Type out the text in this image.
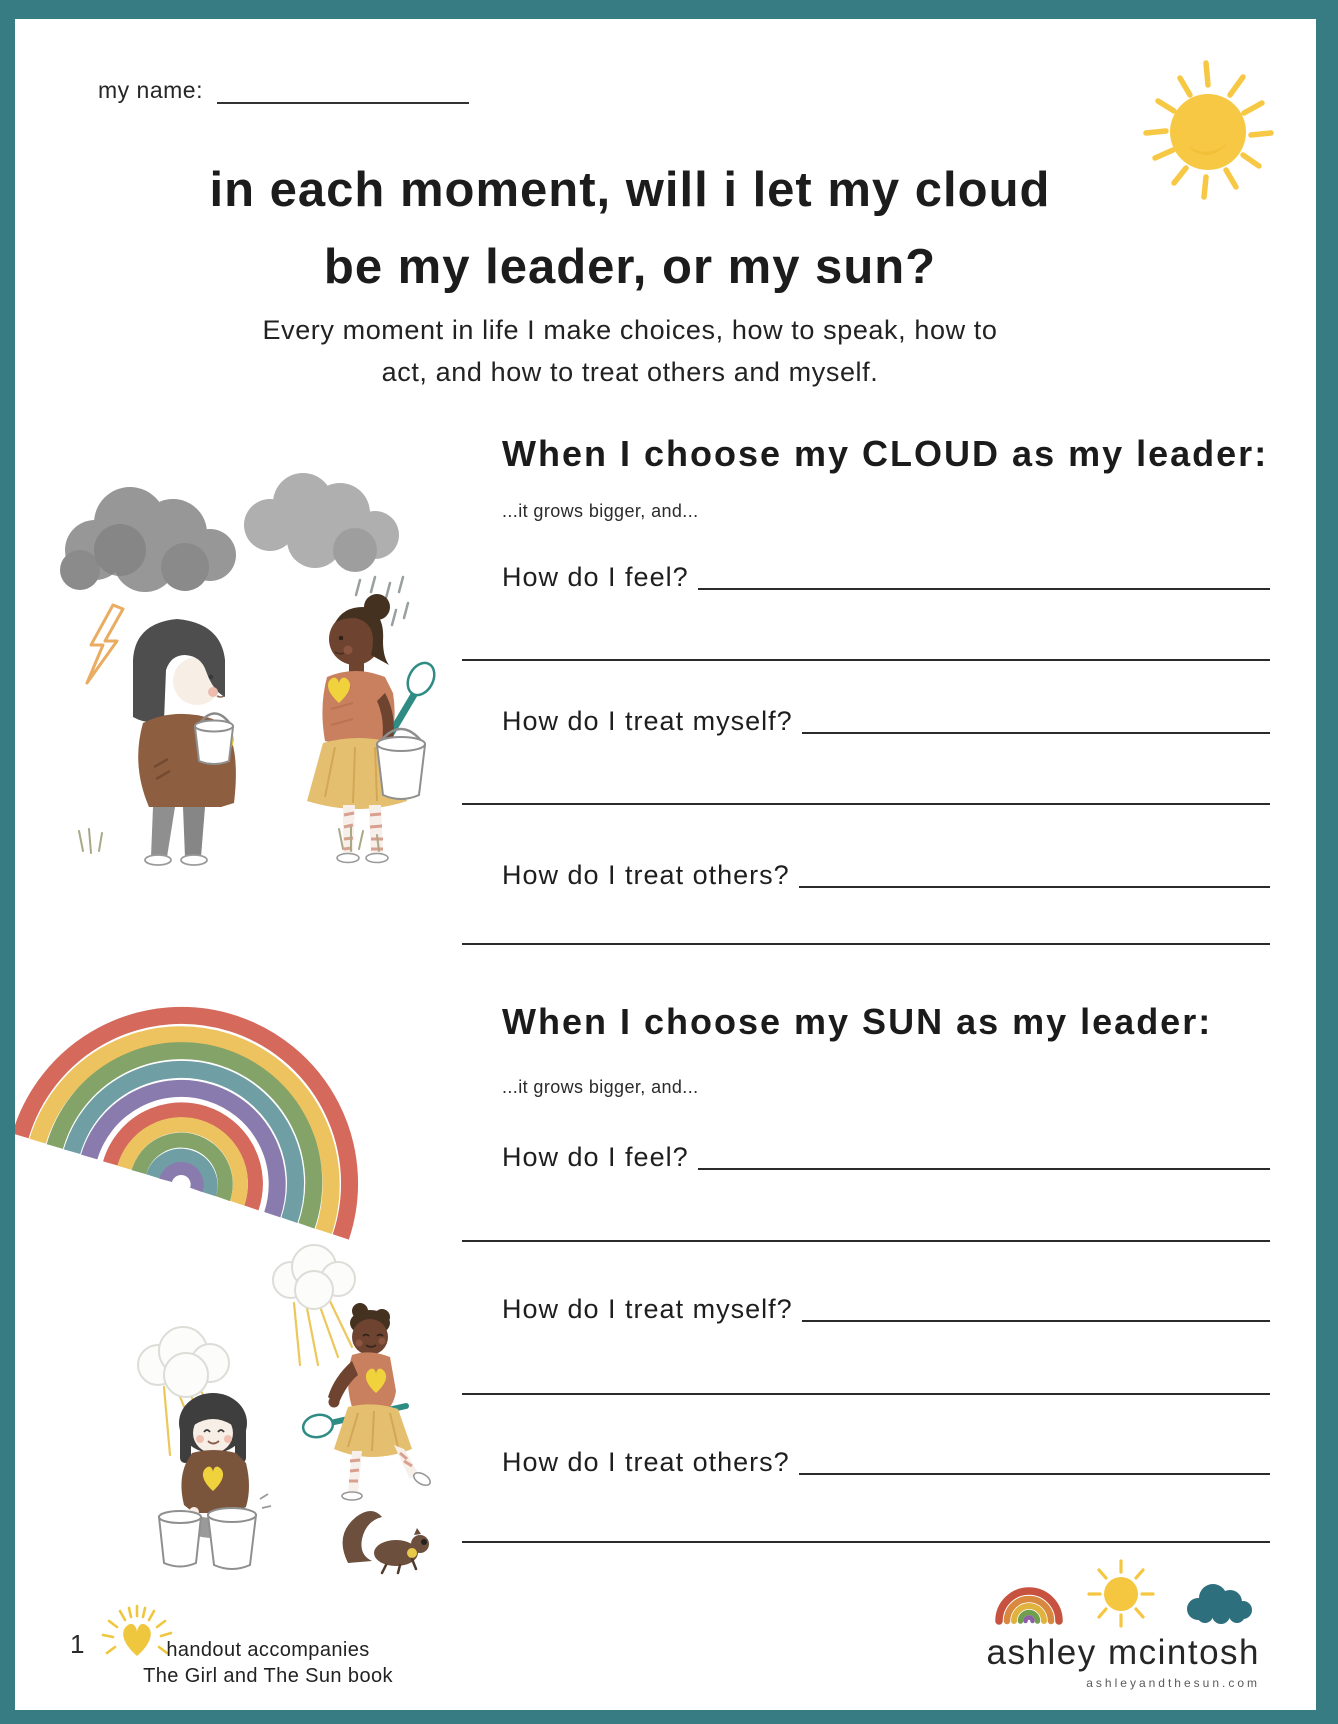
my name:
in each moment, will i let my cloud
be my leader, or my sun?
Every moment in life I make choices, how to speak, how to
act, and how to treat others and myself.
When I choose my CLOUD as my leader:
...it grows bigger, and...
How do I feel?
How do I treat myself?
How do I treat others?
When I choose my SUN as my leader:
...it grows bigger, and...
How do I feel?
How do I treat myself?
How do I treat others?
1	handout accompanies
The Girl and The Sun book
ashley mcintosh
ashleyandthesun.com
